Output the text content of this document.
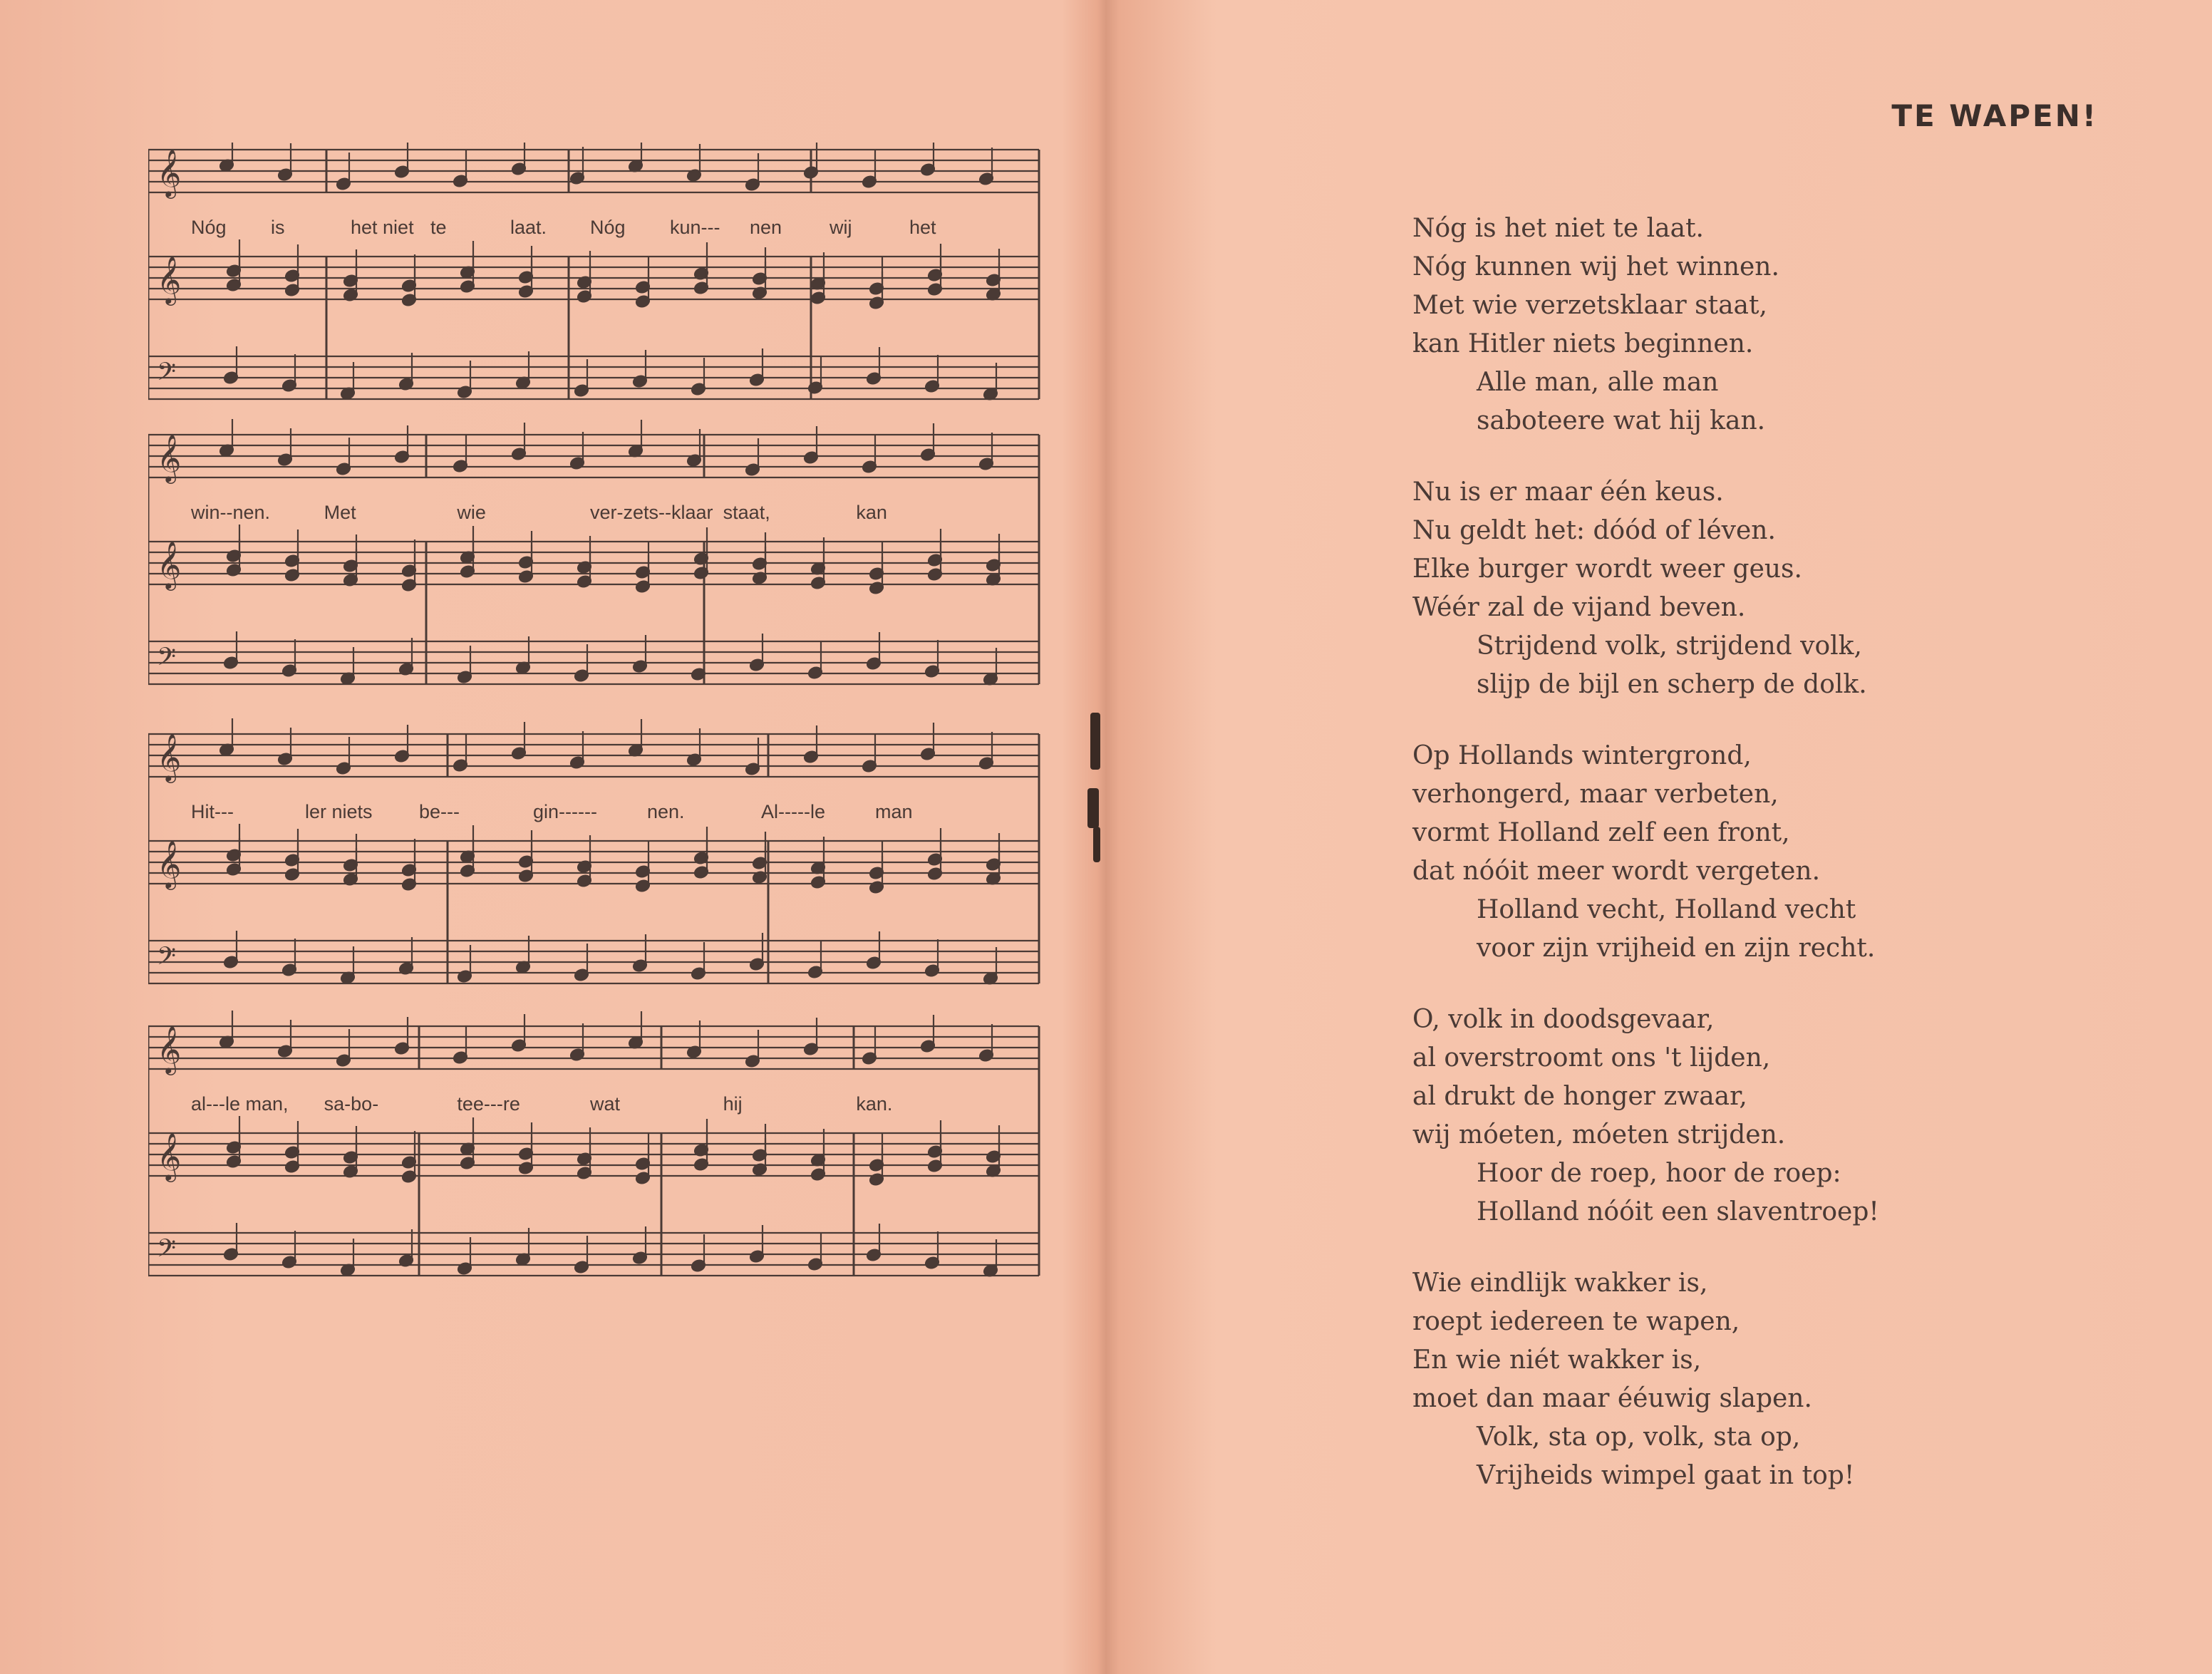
𝄞
𝄞
𝄢
Nóg is	het niet te	laat. Nóg kun--- nen wij	het
𝄞
𝄞
𝄢
win--nen.	Met	wie	ver-zets--klaar staat,	kan
𝄞
𝄞
𝄢
Hit---	ler niets be---	gin------	nen.	Al-----le	man
𝄞
𝄞
𝄢
al---le man, sa-bo-	tee---re	wat	hij	kan.
TE WAPEN!
Nóg is het niet te laat.
Nóg kunnen wij het winnen.
Met wie verzetsklaar staat,
kan Hitler niets beginnen.
Alle man, alle man
saboteere wat hij kan.
Nu is er maar één keus.
Nu geldt het: dóód of léven.
Elke burger wordt weer geus.
Wéér zal de vijand beven.
Strijdend volk, strijdend volk,
slijp de bijl en scherp de dolk.
Op Hollands wintergrond,
verhongerd, maar verbeten,
vormt Holland zelf een front,
dat nóóit meer wordt vergeten.
Holland vecht, Holland vecht
voor zijn vrijheid en zijn recht.
O, volk in doodsgevaar,
al overstroomt ons 't lijden,
al drukt de honger zwaar,
wij móeten, móeten strijden.
Hoor de roep, hoor de roep:
Holland nóóit een slaventroep!
Wie eindlijk wakker is,
roept iedereen te wapen,
En wie niét wakker is,
moet dan maar ééuwig slapen.
Volk, sta op, volk, sta op,
Vrijheids wimpel gaat in top!
